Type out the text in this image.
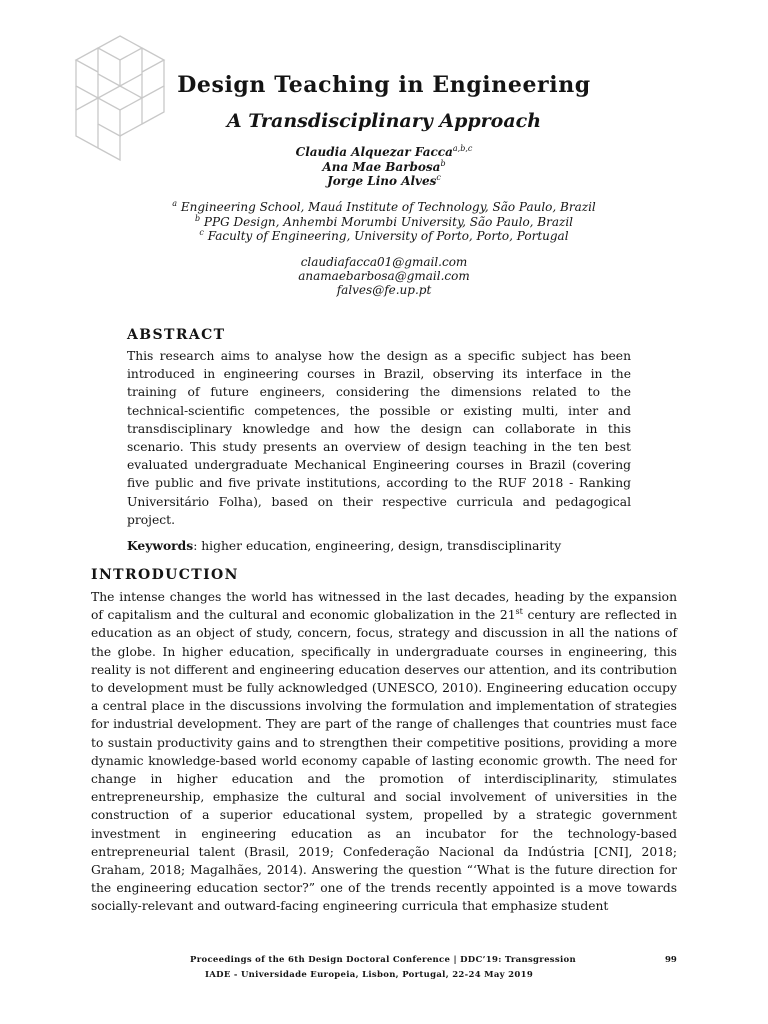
Design Teaching in Engineering
A Transdisciplinary Approach
Claudia Alquezar Facca$^{a,b,c}$
Ana Mae Barbosa$^b$
Jorge Lino Alves$^c$
$^a$ Engineering School, Mauá Institute of Technology, São Paulo, Brazil
$^b$ PPG Design, Anhembi Morumbi University, São Paulo, Brazil
$^c$ Faculty of Engineering, University of Porto, Porto, Portugal
claudiafacca01@gmail.com
anamaebarbosa@gmail.com
falves@fe.up.pt
ABSTRACT

This research aims to analyse how the design as a specific subject has been introduced in engineering courses in Brazil, observing its interface in the training of future engineers, considering the dimensions related to the technical-scientific competences, the possible or existing multi, inter and transdisciplinary knowledge and how the design can collaborate in this scenario. This study presents an overview of design teaching in the ten best evaluated undergraduate Mechanical Engineering courses in Brazil (covering five public and five private institutions, according to the RUF 2018 - Ranking Universitário Folha), based on their respective curricula and pedagogical project.

Keywords: higher education, engineering, design, transdisciplinarity

INTRODUCTION

The intense changes the world has witnessed in the last decades, heading by the expansion of capitalism and the cultural and economic globalization in the 21st century are reflected in education as an object of study, concern, focus, strategy and discussion in all the nations of the globe. In higher education, specifically in undergraduate courses in engineering, this reality is not different and engineering education deserves our attention, and its contribution to development must be fully acknowledged (UNESCO, 2010). Engineering education occupy a central place in the discussions involving the formulation and implementation of strategies for industrial development. They are part of the range of challenges that countries must face to sustain productivity gains and to strengthen their competitive positions, providing a more dynamic knowledge-based world economy capable of lasting economic growth. The need for change in higher education and the promotion of interdisciplinarity, stimulates entrepreneurship, emphasize the cultural and social involvement of universities in the construction of a superior educational system, propelled by a strategic government investment in engineering education as an incubator for the technology-based entrepreneurial talent (Brasil, 2019; Confederação Nacional da Indústria [CNI], 2018; Graham, 2018; Magalhães, 2014). Answering the question “‘What is the future direction for the engineering education sector?” one of the trends recently appointed is a move towards socially-relevant and outward-facing engineering curricula that emphasize student

Proceedings of the 6th Design Doctoral Conference | DDC’19: Transgression
IADE - Universidade Europeia, Lisbon, Portugal, 22-24 May 2019
99
